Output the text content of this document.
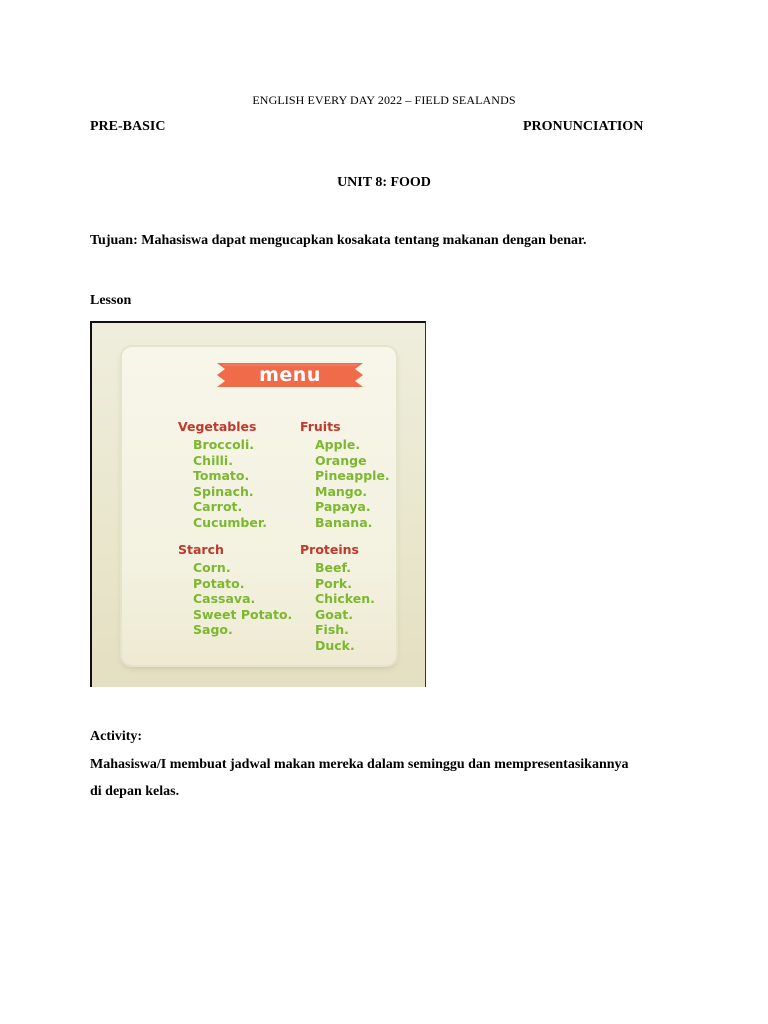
ENGLISH EVERY DAY 2022 – FIELD SEALANDS
PRE-BASIC	PRONUNCIATION
UNIT 8: FOOD
Tujuan: Mahasiswa dapat mengucapkan kosakata tentang makanan dengan benar.
Lesson
menu
Vegetables
Broccoli.
Chilli.
Tomato.
Spinach.
Carrot.
Cucumber.
Fruits
Apple.
Orange
Pineapple.
Mango.
Papaya.
Banana.
Starch
Corn.
Potato.
Cassava.
Sweet Potato.
Sago.
Proteins
Beef.
Pork.
Chicken.
Goat.
Fish.
Duck.
Activity:
Mahasiswa/I membuat jadwal makan mereka dalam seminggu dan mempresentasikannya
di depan kelas.
